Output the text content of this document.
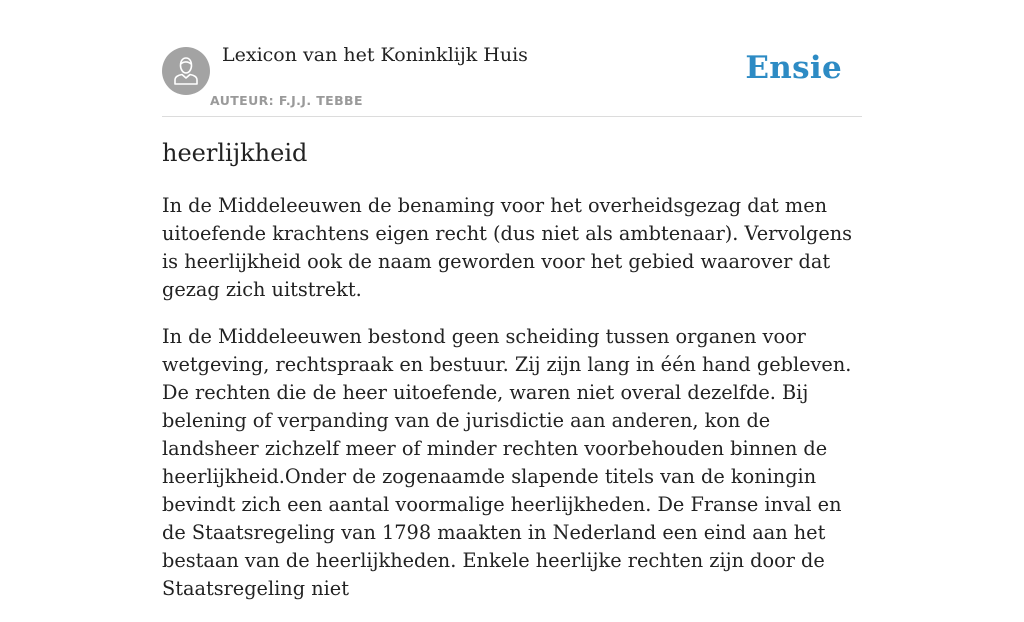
Lexicon van het Koninklijk Huis
AUTEUR: F.J.J. TEBBE
Ensie
heerlijkheid

In de Middeleeuwen de benaming voor het overheidsgezag dat men uitoefende krachtens eigen recht (dus niet als ambtenaar). Vervolgens is heerlijkheid ook de naam geworden voor het gebied waarover dat gezag zich uitstrekt.

In de Middeleeuwen bestond geen scheiding tussen organen voor wetgeving, rechtspraak en bestuur. Zij zijn lang in één hand gebleven. De rechten die de heer uitoefende, waren niet overal dezelfde. Bij belening of verpanding van de jurisdictie aan anderen, kon de landsheer zichzelf meer of minder rechten voorbehouden binnen de heerlijkheid.Onder de zogenaamde slapende titels van de koningin bevindt zich een aantal voormalige heerlijkheden. De Franse inval en de Staatsregeling van 1798 maakten in Nederland een eind aan het bestaan van de heerlijkheden. Enkele heerlijke rechten zijn door de Staatsregeling niet
